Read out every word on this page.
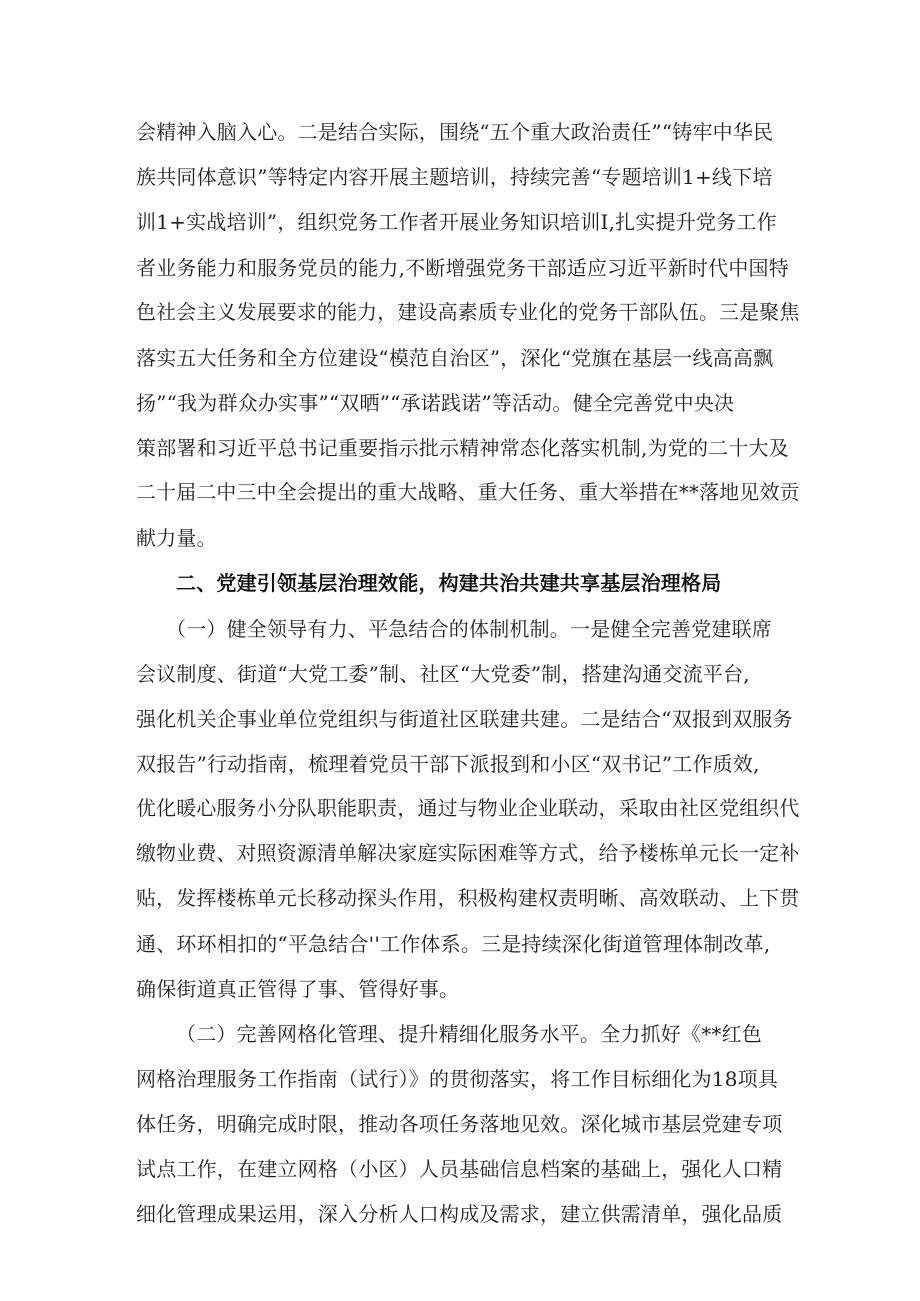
会精神入脑入心。二是结合实际，围绕“五个重大政治责任”“铸牢中华民
族共同体意识”等特定内容开展主题培训，持续完善“专题培训1+线下培
训1+实战培训”，组织党务工作者开展业务知识培训I,扎实提升党务工作
者业务能力和服务党员的能力,不断增强党务干部适应习近平新时代中国特
色社会主义发展要求的能力，建设高素质专业化的党务干部队伍。三是聚焦
落实五大任务和全方位建设“模范自治区”，深化“党旗在基层一线高高飘
扬”“我为群众办实事”“双晒”“承诺践诺”等活动。健全完善党中央决
策部署和习近平总书记重要指示批示精神常态化落实机制,为党的二十大及
二十届二中三中全会提出的重大战略、重大任务、重大举措在**落地见效贡
献力量。
二、党建引领基层治理效能，构建共治共建共享基层治理格局
（一）健全领导有力、平急结合的体制机制。一是健全完善党建联席
会议制度、街道“大党工委”制、社区“大党委”制，搭建沟通交流平台,
强化机关企事业单位党组织与街道社区联建共建。二是结合“双报到双服务
双报告”行动指南，梳理着党员干部下派报到和小区“双书记”工作质效,
优化暖心服务小分队职能职责，通过与物业企业联动，采取由社区党组织代
缴物业费、对照资源清单解决家庭实际困难等方式，给予楼栋单元长一定补
贴，发挥楼栋单元长移动探头作用，积极构建权责明晰、高效联动、上下贯
通、环环相扣的“平急结合''工作体系。三是持续深化街道管理体制改革,
确保街道真正管得了事、管得好事。
（二）完善网格化管理、提升精细化服务水平。全力抓好《**红色
网格治理服务工作指南（试行）》的贯彻落实，将工作目标细化为18项具
体任务，明确完成时限，推动各项任务落地见效。深化城市基层党建专项
试点工作，在建立网格（小区）人员基础信息档案的基础上，强化人口精
细化管理成果运用，深入分析人口构成及需求，建立供需清单，强化品质
